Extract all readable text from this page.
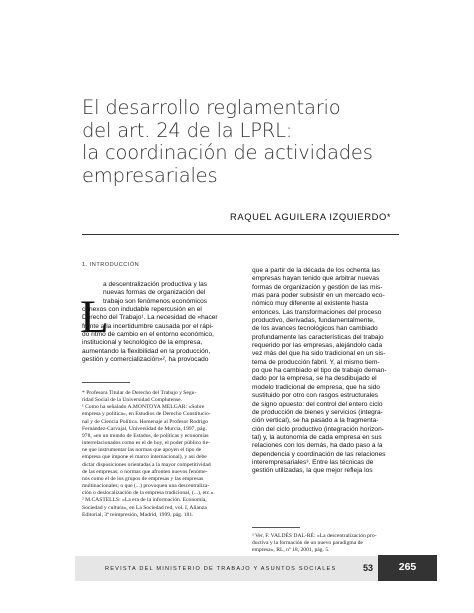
El desarrollo reglamentario
del art. 24 de la LPRL:
la coordinación de actividades
empresariales
RAQUEL AGUILERA IZQUIERDO*
1. INTRODUCCIÓN
L
a descentralización productiva y las
nuevas formas de organización del
trabajo son fenómenos económicos
conexos con indudable repercusión en el
Derecho del Trabajo¹. La necesidad de «hacer
frente a la incertidumbre causada por el rápi-
do ritmo de cambio en el entorno económico,
institucional y tecnológico de la empresa,
aumentando la flexibilidad en la producción,
gestión y comercialización»², ha provocado
* Profesora Titular de Derecho del Trabajo y Segu-
ridad Social de la Universidad Complutense.
¹ Como ha señalado A.MONTOYA MELGAR: «Sobre
empresa y política», en Estudios de Derecho Constitucio-
nal y de Ciencia Política. Homenaje al Profesor Rodrigo
Fernández-Carvajal, Universidad de Murcia, 1997, pág.
978, «en un mundo de Estados, de políticas y economías
interrelacionados como es el de hoy, el poder público tie-
ne que instrumentar las normas que apoyen el tipo de
empresa que impone el marco internacional), y así debe
dictar disposiciones orientadas a la mayor competitividad
de las empresas; o normas que afronten nuevos fenóme-
nos como el de los grupos de empresas y las empresas
multinacionales; o que (...) provoquen una descentraliza-
ción o deslocalización de la empresa tradicional, (...), etc.».
² M.CASTELLS: «La era de la información. Economía,
Sociedad y cultura», en La Sociedad red, vol. I, Alianza
Editorial, 3ª reimpresión, Madrid, 1999, pág. 181.
que a partir de la década de los ochenta las
empresas hayan tenido que arbitrar nuevas
formas de organización y gestión de las mis-
mas para poder subsistir en un mercado eco-
nómico muy diferente al existente hasta
entonces. Las transformaciones del proceso
productivo, derivadas, fundamentalmente,
de los avances tecnológicos han cambiado
profundamente las características del trabajo
requerido por las empresas, alejándolo cada
vez más del que ha sido tradicional en un sis-
tema de producción fabril. Y, al mismo tiem-
po que ha cambiado el tipo de trabajo deman-
dado por la empresa, se ha desdibujado el
modelo tradicional de empresa, que ha sido
sustituido por otro con rasgos estructurales
de signo opuesto: del control del entero ciclo
de producción de bienes y servicios (integra-
ción vertical), se ha pasado a la fragmenta-
ción del ciclo productivo (integración horizon-
tal) y, la autonomía de cada empresa en sus
relaciones con los demás, ha dado paso a la
dependencia y coordinación de las relaciones
interempresariales³. Entre las técnicas de
gestión utilizadas, la que mejor refleja los
³ Ver, F. VALDÉS DAL-RÉ: «La descentralización pro-
ductiva y la formación de un nuevo paradigma de
empresa», RL, nº 18, 2001, pág. 5.
REVISTA DEL MINISTERIO DE TRABAJO Y ASUNTOS SOCIALES	53	265
